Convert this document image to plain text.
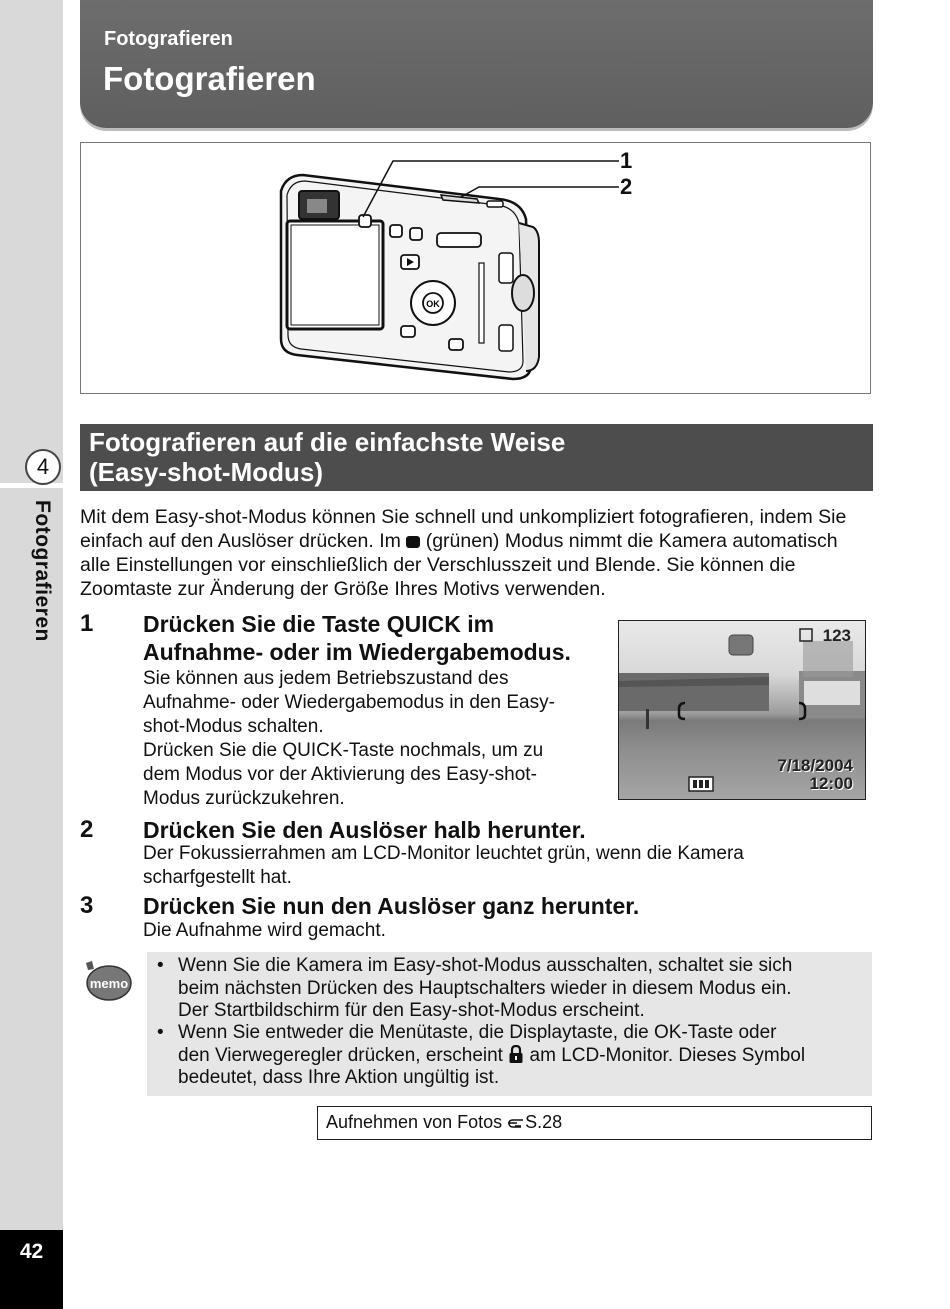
4
Fotografieren
42
Fotografieren
Fotografieren
OK
1
2
Fotografieren auf die einfachste Weise
(Easy-shot-Modus)
Mit dem Easy-shot-Modus können Sie schnell und unkompliziert fotografieren, indem Sie einfach auf den Auslöser drücken. Im (grünen) Modus nimmt die Kamera automatisch alle Einstellungen vor einschließlich der Verschlusszeit und Blende. Sie können die Zoomtaste zur Änderung der Größe Ihres Motivs verwenden.
1 Drücken Sie die Taste QUICK im
Aufnahme- oder im Wiedergabemodus.
Sie können aus jedem Betriebszustand des
Aufnahme- oder Wiedergabemodus in den Easy-
shot-Modus schalten.
Drücken Sie die QUICK-Taste nochmals, um zu
dem Modus vor der Aktivierung des Easy-shot-
Modus zurückzukehren.
123
7/18/2004
12:00
2 Drücken Sie den Auslöser halb herunter.
Der Fokussierrahmen am LCD-Monitor leuchtet grün, wenn die Kamera
scharfgestellt hat.
3 Drücken Sie nun den Auslöser ganz herunter.
Die Aufnahme wird gemacht.
memo
• Wenn Sie die Kamera im Easy-shot-Modus ausschalten, schaltet sie sich
beim nächsten Drücken des Hauptschalters wieder in diesem Modus ein.
Der Startbildschirm für den Easy-shot-Modus erscheint.
• Wenn Sie entweder die Menütaste, die Displaytaste, die OK-Taste oder
den Vierwegeregler drücken, erscheint am LCD-Monitor. Dieses Symbol
bedeutet, dass Ihre Aktion ungültig ist.
Aufnehmen von Fotos S.28
